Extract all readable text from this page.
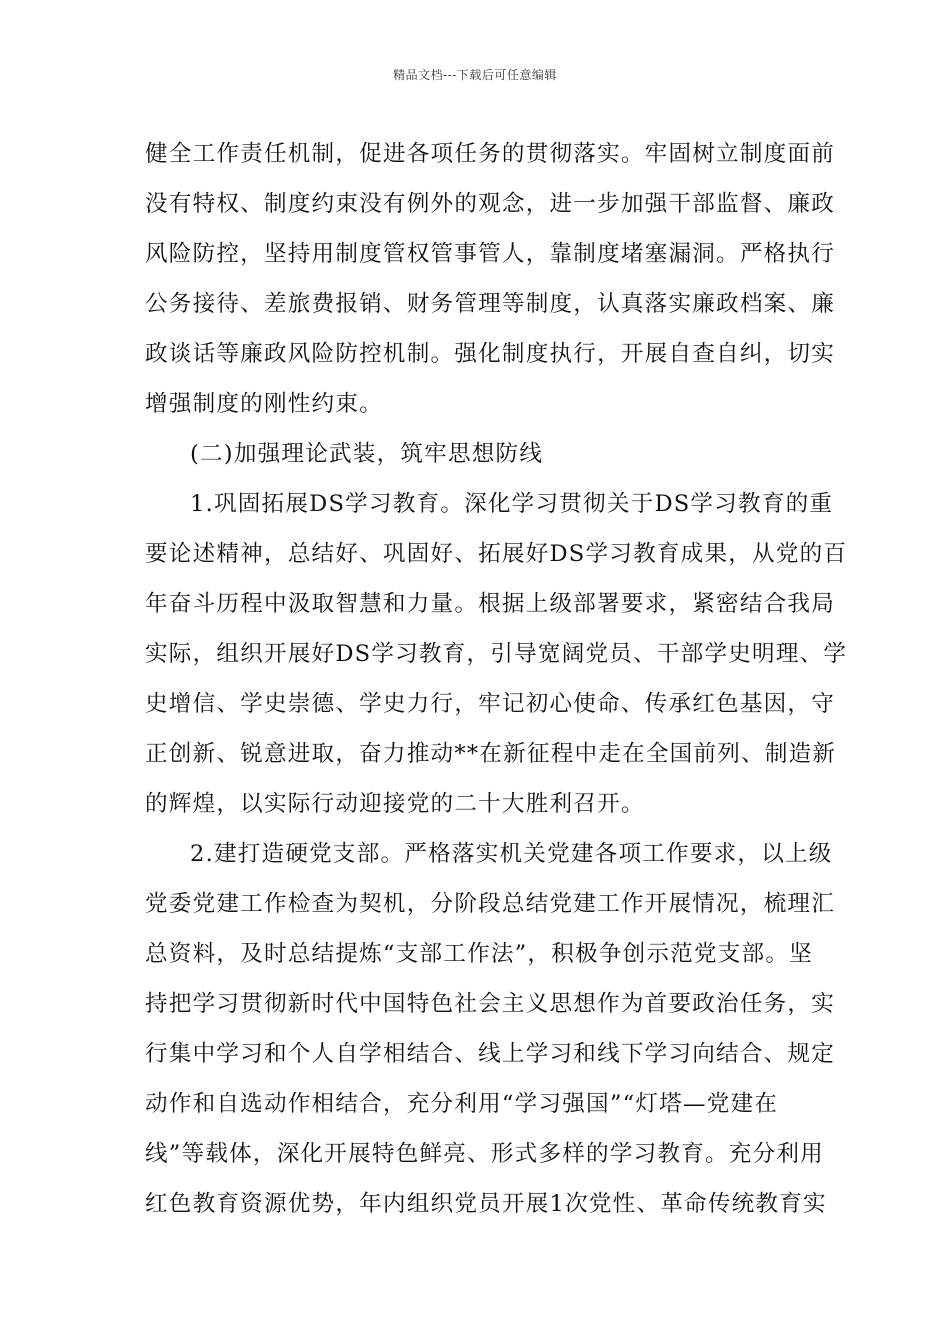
精品文档---下载后可任意编辑
健全工作责任机制，促进各项任务的贯彻落实。牢固树立制度面前
没有特权、制度约束没有例外的观念，进一步加强干部监督、廉政
风险防控，坚持用制度管权管事管人，靠制度堵塞漏洞。严格执行
公务接待、差旅费报销、财务管理等制度，认真落实廉政档案、廉
政谈话等廉政风险防控机制。强化制度执行，开展自查自纠，切实
增强制度的刚性约束。
(二)加强理论武装，筑牢思想防线
1.巩固拓展DS学习教育。深化学习贯彻关于DS学习教育的重
要论述精神，总结好、巩固好、拓展好DS学习教育成果，从党的百
年奋斗历程中汲取智慧和力量。根据上级部署要求，紧密结合我局
实际，组织开展好DS学习教育，引导宽阔党员、干部学史明理、学
史增信、学史崇德、学史力行，牢记初心使命、传承红色基因，守
正创新、锐意进取，奋力推动**在新征程中走在全国前列、制造新
的辉煌，以实际行动迎接党的二十大胜利召开。
2.建打造硬党支部。严格落实机关党建各项工作要求，以上级
党委党建工作检查为契机，分阶段总结党建工作开展情况，梳理汇
总资料，及时总结提炼“支部工作法”，积极争创示范党支部。坚
持把学习贯彻新时代中国特色社会主义思想作为首要政治任务，实
行集中学习和个人自学相结合、线上学习和线下学习向结合、规定
动作和自选动作相结合，充分利用“学习强国”“灯塔—党建在
线”等载体，深化开展特色鲜亮、形式多样的学习教育。充分利用
红色教育资源优势，年内组织党员开展1次党性、革命传统教育实
